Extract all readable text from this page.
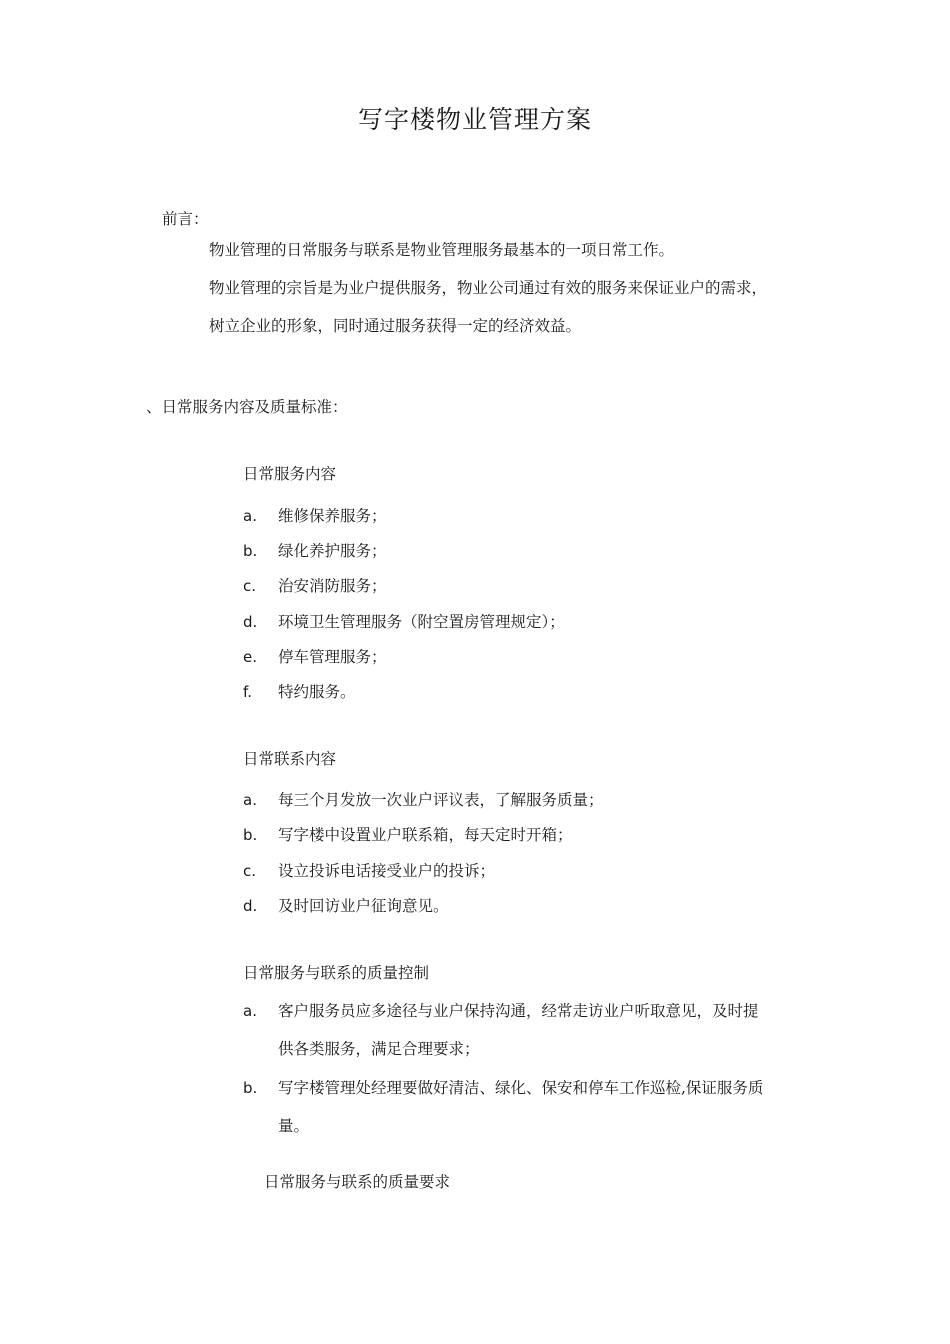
写字楼物业管理方案
前言：
物业管理的日常服务与联系是物业管理服务最基本的一项日常工作。
物业管理的宗旨是为业户提供服务，物业公司通过有效的服务来保证业户的需求，
树立企业的形象，同时通过服务获得一定的经济效益。
、日常服务内容及质量标准：
日常服务内容
a. 维修保养服务；
b. 绿化养护服务；
c. 治安消防服务；
d. 环境卫生管理服务（附空置房管理规定）；
e. 停车管理服务；
f. 特约服务。
日常联系内容
a. 每三个月发放一次业户评议表，了解服务质量；
b. 写字楼中设置业户联系箱，每天定时开箱；
c. 设立投诉电话接受业户的投诉；
d. 及时回访业户征询意见。
日常服务与联系的质量控制
a. 客户服务员应多途径与业户保持沟通，经常走访业户听取意见，及时提
供各类服务，满足合理要求；
b. 写字楼管理处经理要做好清洁、绿化、保安和停车工作巡检,保证服务质
量。
日常服务与联系的质量要求
